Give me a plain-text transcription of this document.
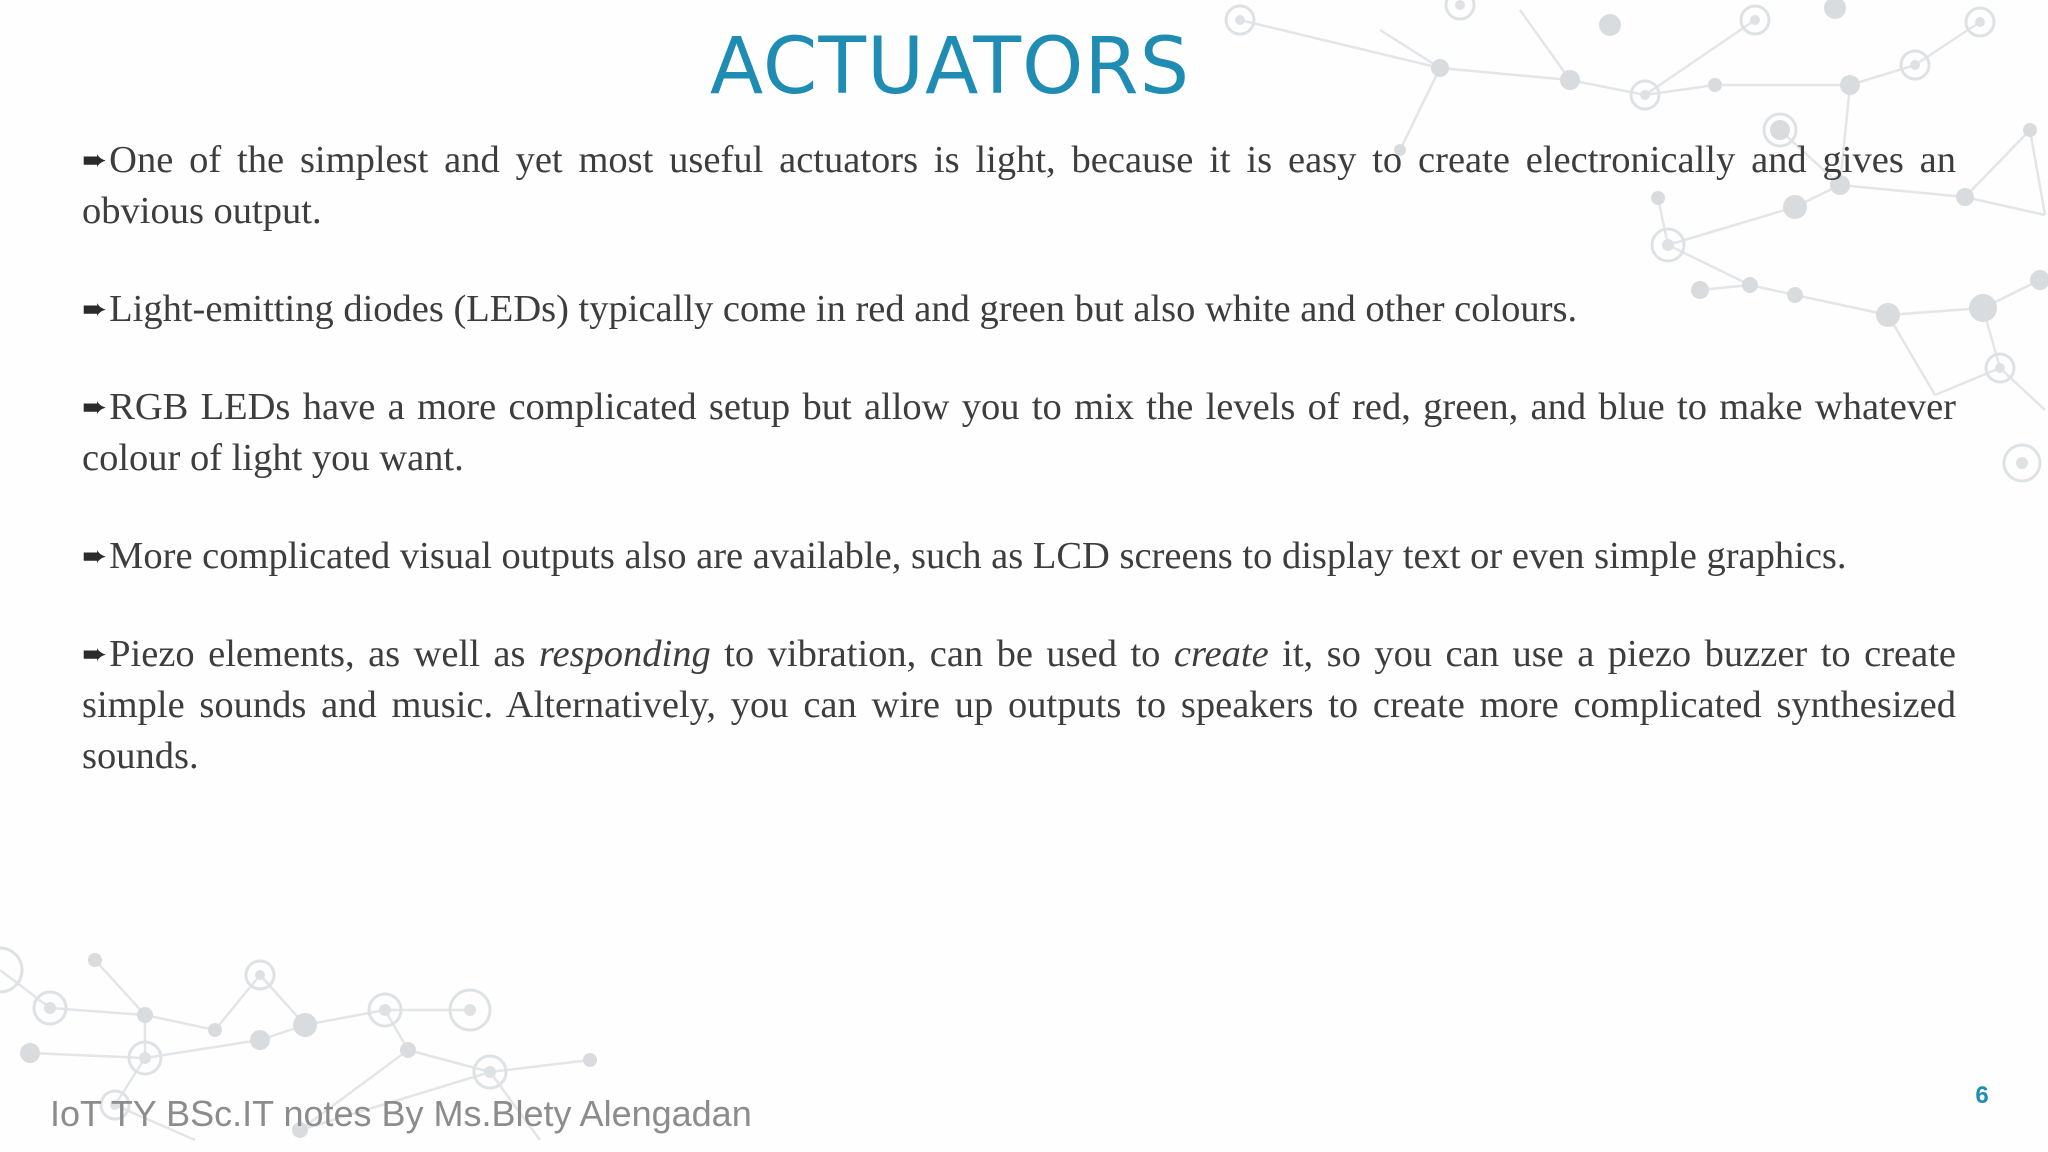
ACTUATORS

➨One of the simplest and yet most useful actuators is light, because it is easy to create electronically and gives an obvious output.

➨Light-emitting diodes (LEDs) typically come in red and green but also white and other colours.

➨RGB LEDs have a more complicated setup but allow you to mix the levels of red, green, and blue to make whatever colour of light you want.

➨More complicated visual outputs also are available, such as LCD screens to display text or even simple graphics.

➨Piezo elements, as well as responding to vibration, can be used to create it, so you can use a piezo buzzer to create simple sounds and music. Alternatively, you can wire up outputs to speakers to create more complicated synthesized sounds.

IoT TY BSc.IT notes By Ms.Blety Alengadan	6
